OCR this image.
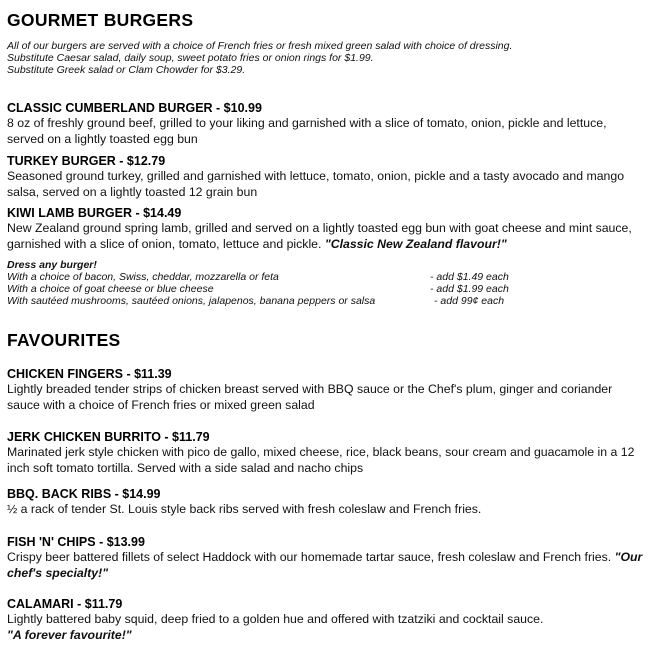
GOURMET BURGERS
All of our burgers are served with a choice of French fries or fresh mixed green salad with choice of dressing.
Substitute Caesar salad, daily soup, sweet potato fries or onion rings for $1.99.
Substitute Greek salad or Clam Chowder for $3.29.
CLASSIC CUMBERLAND BURGER - $10.99
8 oz of freshly ground beef, grilled to your liking and garnished with a slice of tomato, onion, pickle and lettuce, served on a lightly toasted egg bun
TURKEY BURGER - $12.79
Seasoned ground turkey, grilled and garnished with lettuce, tomato, onion, pickle and a tasty avocado and mango salsa, served on a lightly toasted 12 grain bun
KIWI LAMB BURGER - $14.49
New Zealand ground spring lamb, grilled and served on a lightly toasted egg bun with goat cheese and mint sauce, garnished with a slice of onion, tomato, lettuce and pickle. "Classic New Zealand flavour!"
Dress any burger!
With a choice of bacon, Swiss, cheddar, mozzarella or feta	- add $1.49 each
With a choice of goat cheese or blue cheese	- add $1.99 each
With sautéed mushrooms, sautéed onions, jalapenos, banana peppers or salsa	- add 99¢ each
FAVOURITES
CHICKEN FINGERS - $11.39
Lightly breaded tender strips of chicken breast served with BBQ sauce or the Chef's plum, ginger and coriander sauce with a choice of French fries or mixed green salad
JERK CHICKEN BURRITO - $11.79
Marinated jerk style chicken with pico de gallo, mixed cheese, rice, black beans, sour cream and guacamole in a 12 inch soft tomato tortilla. Served with a side salad and nacho chips
BBQ. BACK RIBS - $14.99
½ a rack of tender St. Louis style back ribs served with fresh coleslaw and French fries.
FISH 'N' CHIPS - $13.99
Crispy beer battered fillets of select Haddock with our homemade tartar sauce, fresh coleslaw and French fries. "Our chef's specialty!"
CALAMARI - $11.79
Lightly battered baby squid, deep fried to a golden hue and offered with tzatziki and cocktail sauce.
"A forever favourite!"
